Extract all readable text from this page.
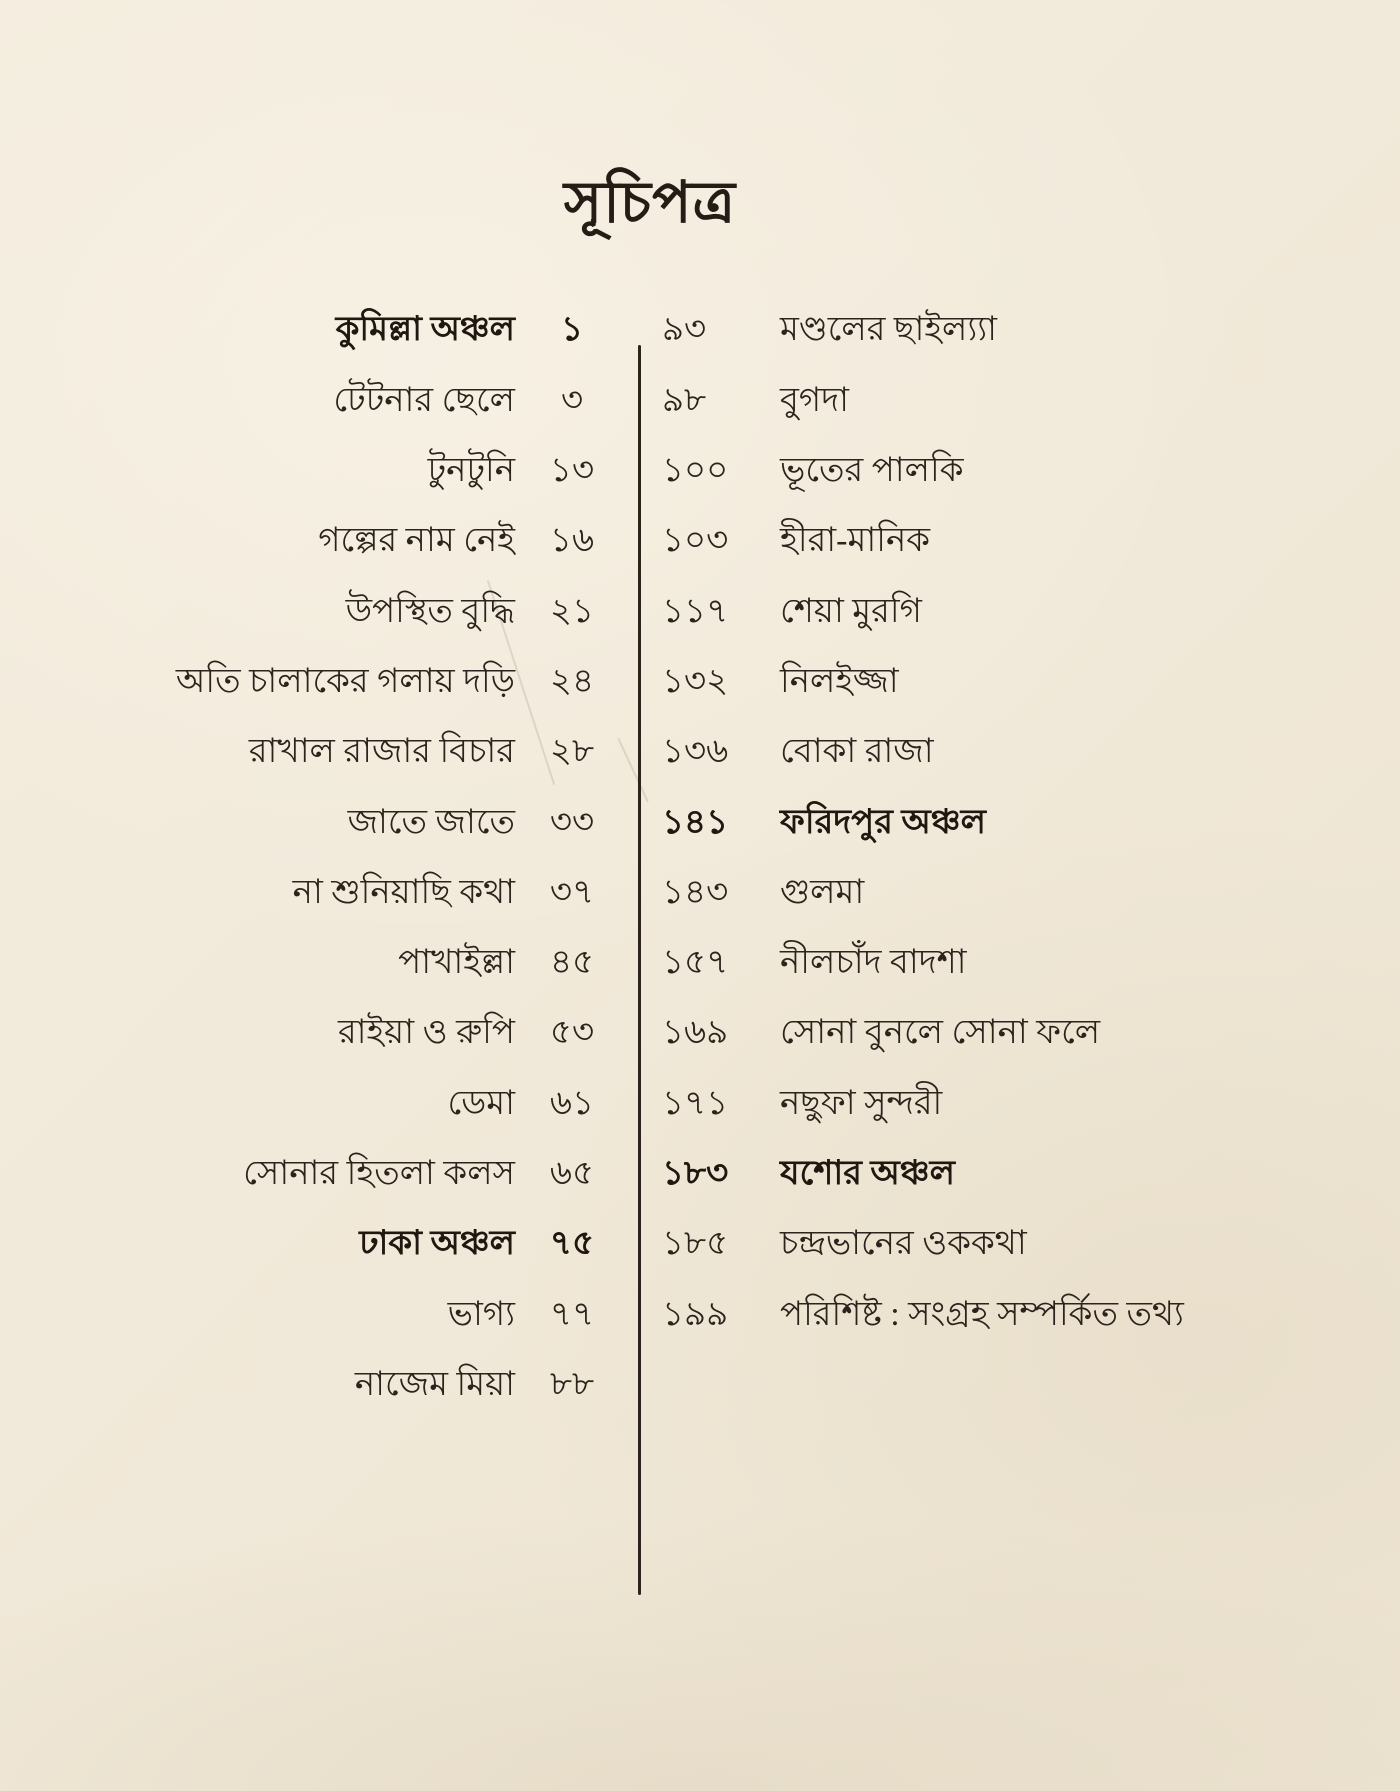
সূচিপত্র
কুমিল্লা অঞ্চল	১
টেটনার ছেলে	৩
টুনটুনি	১৩
গল্পের নাম নেই	১৬
উপস্থিত বুদ্ধি	২১
অতি চালাকের গলায় দড়ি	২৪
রাখাল রাজার বিচার	২৮
জাতে জাতে	৩৩
না শুনিয়াছি কথা	৩৭
পাখাইল্লা	৪৫
রাইয়া ও রুপি	৫৩
ডেমা	৬১
সোনার হিতলা কলস	৬৫
ঢাকা অঞ্চল	৭৫
ভাগ্য	৭৭
নাজেম মিয়া	৮৮
৯৩	মণ্ডলের ছাইল্য্যা
৯৮	বুগদা
১০০	ভূতের পালকি
১০৩	হীরা-মানিক
১১৭	শেয়া মুরগি
১৩২	নিলইজ্জা
১৩৬	বোকা রাজা
১৪১	ফরিদপুর অঞ্চল
১৪৩	গুলমা
১৫৭	নীলচাঁদ বাদশা
১৬৯	সোনা বুনলে সোনা ফলে
১৭১	নছুফা সুন্দরী
১৮৩	যশোর অঞ্চল
১৮৫	চন্দ্রভানের ওককথা
১৯৯	পরিশিষ্ট : সংগ্রহ সম্পর্কিত তথ্য
